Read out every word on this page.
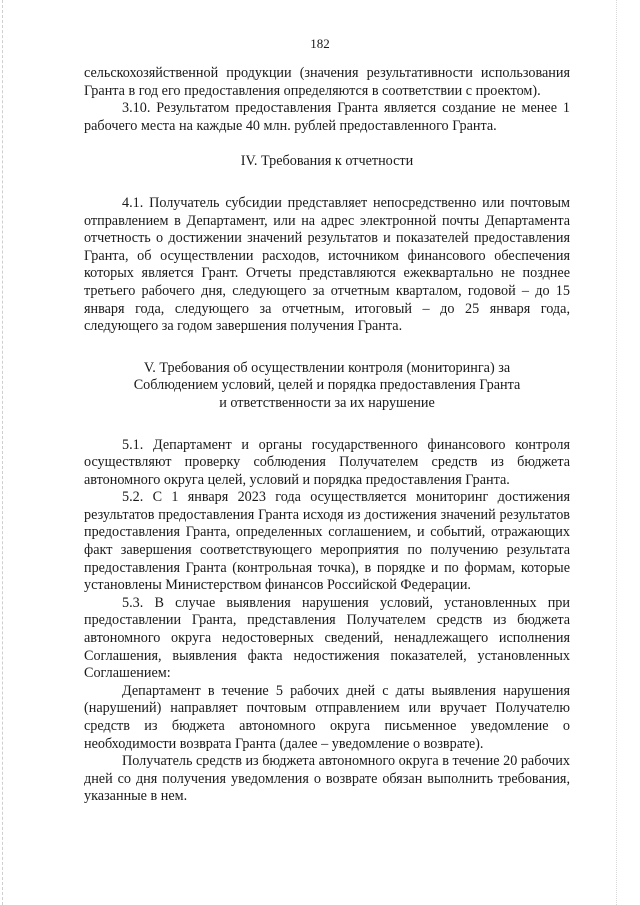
182

сельскохозяйственной продукции (значения результативности использования Гранта в год его предоставления определяются в соответствии с проектом).

3.10. Результатом предоставления Гранта является создание не менее 1 рабочего места на каждые 40 млн. рублей предоставленного Гранта.

IV. Требования к отчетности

4.1. Получатель субсидии представляет непосредственно или почтовым отправлением в Департамент, или на адрес электронной почты Департамента отчетность о достижении значений результатов и показателей предоставления Гранта, об осуществлении расходов, источником финансового обеспечения которых является Грант. Отчеты представляются ежеквартально не позднее третьего рабочего дня, следующего за отчетным кварталом, годовой – до 15 января года, следующего за отчетным, итоговый – до 25 января года, следующего за годом завершения получения Гранта.

V. Требования об осуществлении контроля (мониторинга) за

Соблюдением условий, целей и порядка предоставления Гранта

и ответственности за их нарушение

5.1. Департамент и органы государственного финансового контроля осуществляют проверку соблюдения Получателем средств из бюджета автономного округа целей, условий и порядка предоставления Гранта.

5.2. С 1 января 2023 года осуществляется мониторинг достижения результатов предоставления Гранта исходя из достижения значений результатов предоставления Гранта, определенных соглашением, и событий, отражающих факт завершения соответствующего мероприятия по получению результата предоставления Гранта (контрольная точка), в порядке и по формам, которые установлены Министерством финансов Российской Федерации.

5.3. В случае выявления нарушения условий, установленных при предоставлении Гранта, представления Получателем средств из бюджета автономного округа недостоверных сведений, ненадлежащего исполнения Соглашения, выявления факта недостижения показателей, установленных Соглашением:

Департамент в течение 5 рабочих дней с даты выявления нарушения (нарушений) направляет почтовым отправлением или вручает Получателю средств из бюджета автономного округа письменное уведомление о необходимости возврата Гранта (далее – уведомление о возврате).

Получатель средств из бюджета автономного округа в течение 20 рабочих дней со дня получения уведомления о возврате обязан выполнить требования, указанные в нем.
